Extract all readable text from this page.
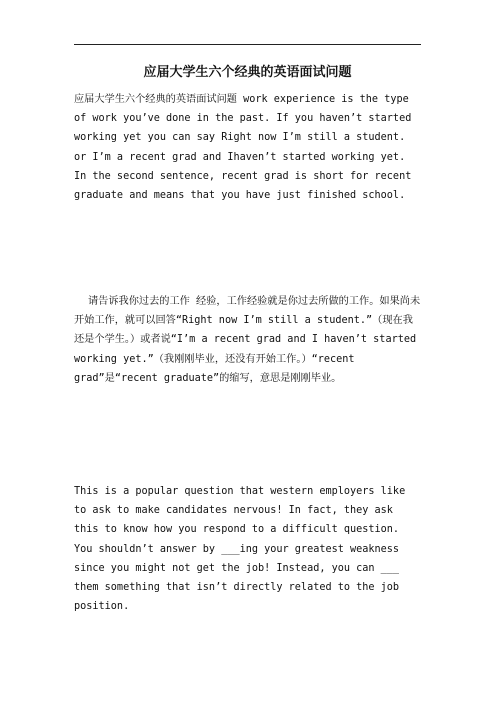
应届大学生六个经典的英语面试问题

应届大学生六个经典的英语面试问题 work experience is the type of work you’ve done in the past. If you haven’t started working yet you can say Right now I’m still a student. or I’m a recent grad and Ihaven’t started working yet. In the second sentence, recent grad is short for recent graduate and means that you have just finished school.

请告诉我你过去的工作 经验，工作经验就是你过去所做的工作。如果尚未开始工作，就可以回答“Right now I’m still a student.”（现在我还是个学生。）或者说“I’m a recent grad and I haven’t started working yet.”（我刚刚毕业，还没有开始工作。）“recent grad”是“recent graduate”的缩写，意思是刚刚毕业。

This is a popular question that western employers like to ask to make candidates nervous! In fact, they ask this to know how you respond to a difficult question. You shouldn’t answer by ___ing your greatest weakness since you might not get the job! Instead, you can ___ them something that isn’t directly related to the job position.
